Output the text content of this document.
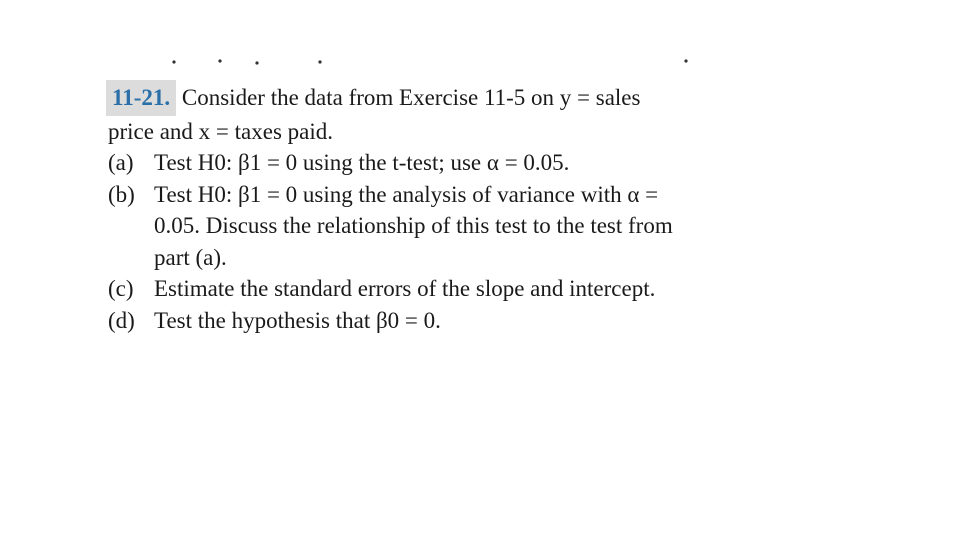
11-21. Consider the data from Exercise 11-5 on y = sales
price and x = taxes paid.
(a) Test H0: β1 = 0 using the t-test; use α = 0.05.
(b) Test H0: β1 = 0 using the analysis of variance with α =
0.05. Discuss the relationship of this test to the test from
part (a).
(c) Estimate the standard errors of the slope and intercept.
(d) Test the hypothesis that β0 = 0.
